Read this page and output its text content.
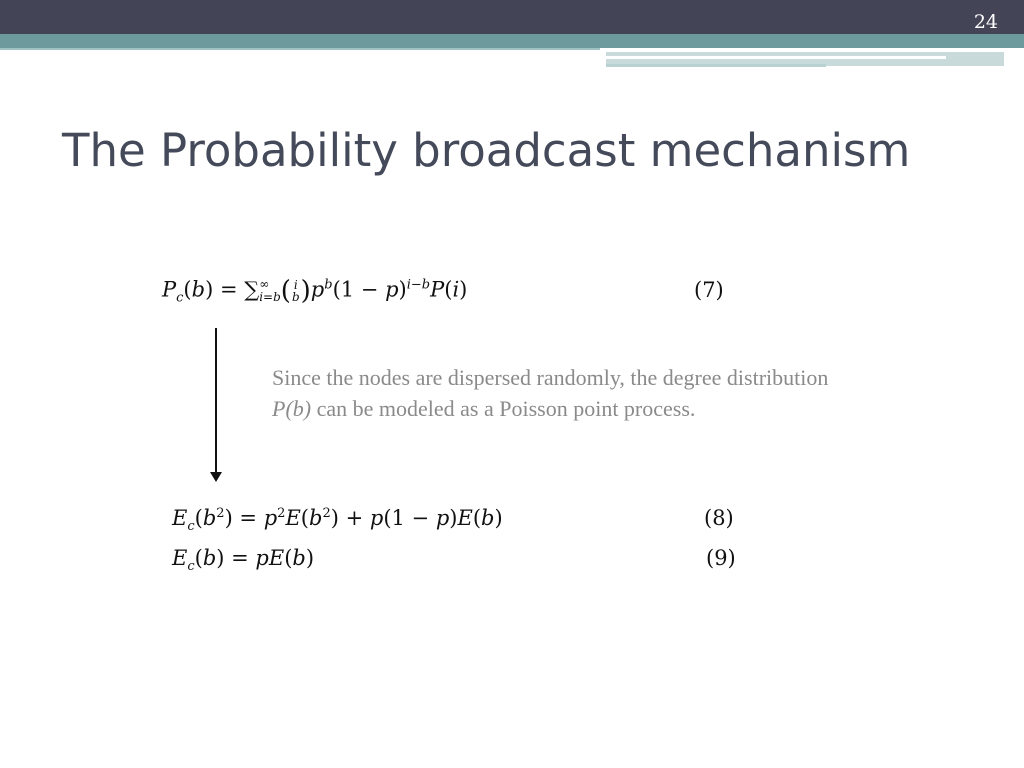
24
The Probability broadcast mechanism
$P_c(b)$ = ∑ ∞
i=b ( i
b )$p^b(1 - p)^{i-b}P(i)$	(7)
Since the nodes are dispersed randomly, the degree distribution P(b) can be modeled as a Poisson point process.
$E_c(b^2) = p^2E(b^2) + p(1 - p)E(b)$	(8)
$E_c(b) = pE(b)$	(9)
